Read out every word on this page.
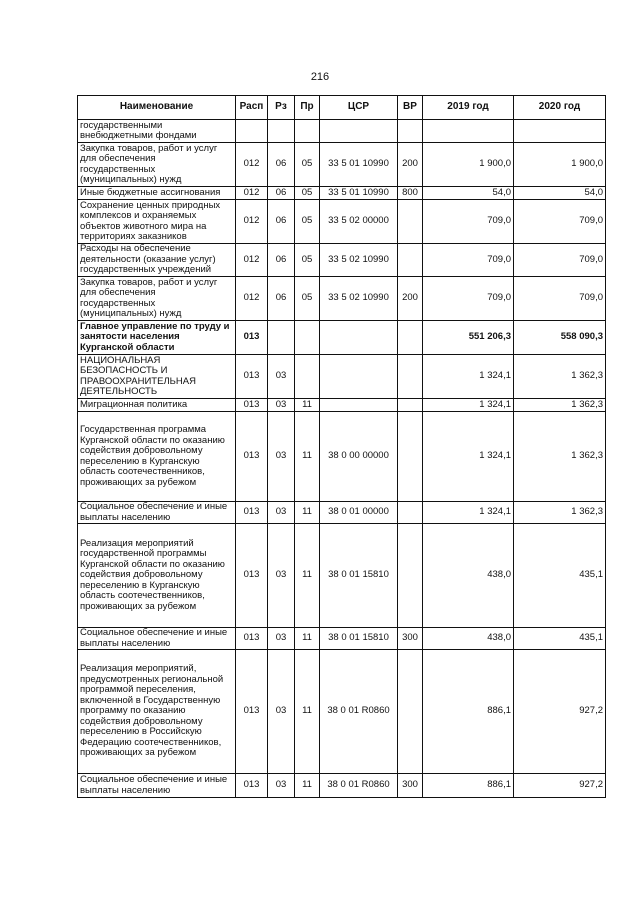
216
Наименование	Расп	Рз	Пр	ЦСР	ВР	2019 год	2020 год
государственными внебюджетными фондами							
Закупка товаров, работ и услуг для обеспечения государственных (муниципальных) нужд	012	06	05	33 5 01 10990	200	1 900,0	1 900,0
Иные бюджетные ассигнования	012	06	05	33 5 01 10990	800	54,0	54,0
Сохранение ценных природных комплексов и охраняемых объектов животного мира на территориях заказников	012	06	05	33 5 02 00000		709,0	709,0
Расходы на обеспечение деятельности (оказание услуг) государственных учреждений	012	06	05	33 5 02 10990		709,0	709,0
Закупка товаров, работ и услуг для обеспечения государственных (муниципальных) нужд	012	06	05	33 5 02 10990	200	709,0	709,0
Главное управление по труду и занятости населения Курганской области	013					551 206,3	558 090,3
НАЦИОНАЛЬНАЯ БЕЗОПАСНОСТЬ И ПРАВООХРАНИТЕЛЬНАЯ ДЕЯТЕЛЬНОСТЬ	013	03				1 324,1	1 362,3
Миграционная политика	013	03	11			1 324,1	1 362,3
Государственная программа Курганской области по оказанию содействия добровольному переселению в Курганскую область соотечественников, проживающих за рубежом	013	03	11	38 0 00 00000		1 324,1	1 362,3
Социальное обеспечение и иные выплаты населению	013	03	11	38 0 01 00000		1 324,1	1 362,3
Реализация мероприятий государственной программы Курганской области по оказанию содействия добровольному переселению в Курганскую область соотечественников, проживающих за рубежом	013	03	11	38 0 01 15810		438,0	435,1
Социальное обеспечение и иные выплаты населению	013	03	11	38 0 01 15810	300	438,0	435,1
Реализация мероприятий, предусмотренных региональной программой переселения, включенной в Государственную программу по оказанию содействия добровольному переселению в Российскую Федерацию соотечественников, проживающих за рубежом	013	03	11	38 0 01 R0860		886,1	927,2
Социальное обеспечение и иные выплаты населению	013	03	11	38 0 01 R0860	300	886,1	927,2
